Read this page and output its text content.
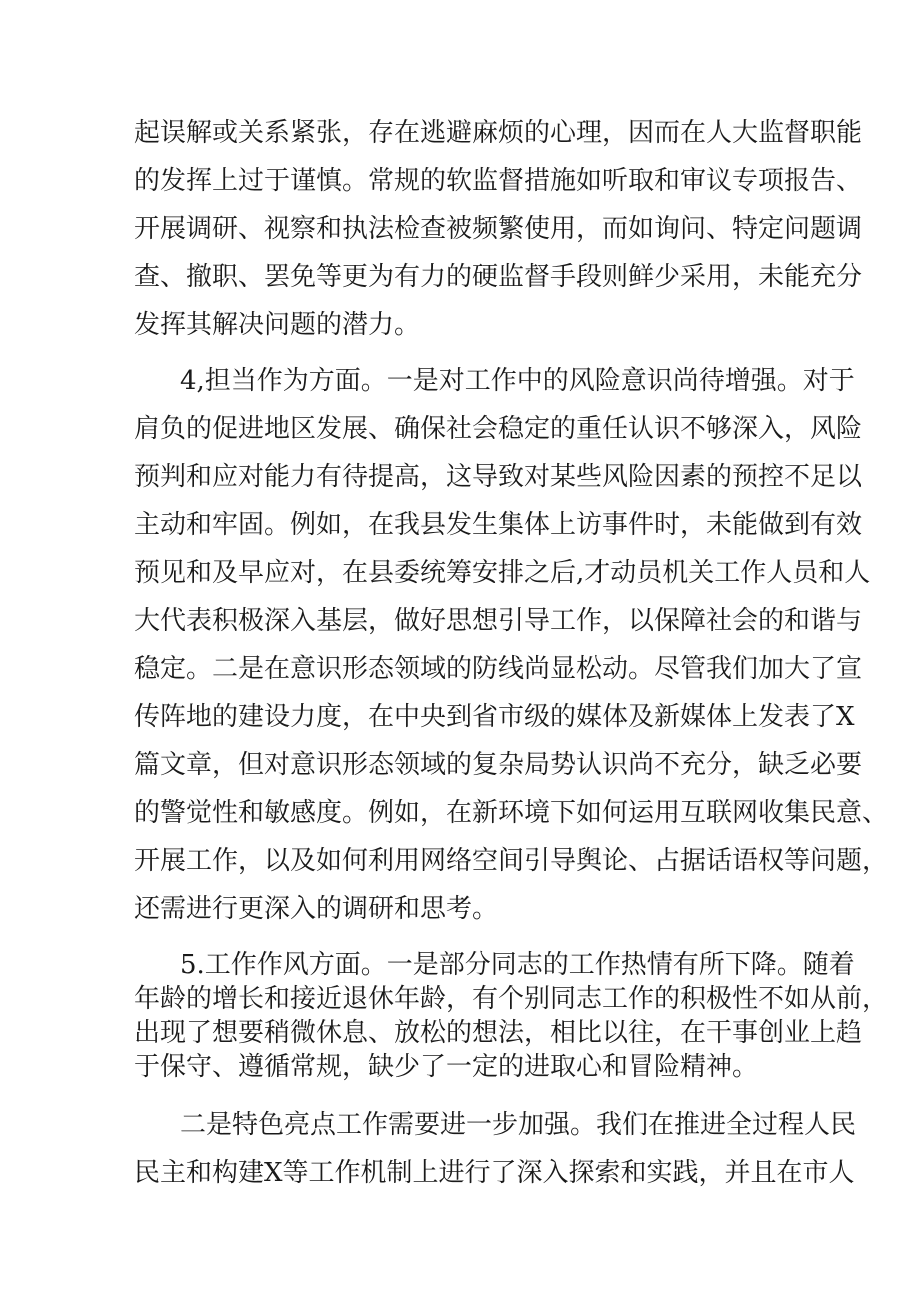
起误解或关系紧张，存在逃避麻烦的心理，因而在人大监督职能
的发挥上过于谨慎。常规的软监督措施如听取和审议专项报告、
开展调研、视察和执法检查被频繁使用，而如询问、特定问题调
查、撤职、罢免等更为有力的硬监督手段则鲜少采用，未能充分
发挥其解决问题的潜力。
4,担当作为方面。一是对工作中的风险意识尚待增强。对于
肩负的促进地区发展、确保社会稳定的重任认识不够深入，风险
预判和应对能力有待提高，这导致对某些风险因素的预控不足以
主动和牢固。例如，在我县发生集体上访事件时，未能做到有效
预见和及早应对，在县委统筹安排之后,才动员机关工作人员和人
大代表积极深入基层，做好思想引导工作，以保障社会的和谐与
稳定。二是在意识形态领域的防线尚显松动。尽管我们加大了宣
传阵地的建设力度，在中央到省市级的媒体及新媒体上发表了X
篇文章，但对意识形态领域的复杂局势认识尚不充分，缺乏必要
的警觉性和敏感度。例如，在新环境下如何运用互联网收集民意、
开展工作，以及如何利用网络空间引导舆论、占据话语权等问题，
还需进行更深入的调研和思考。
5.工作作风方面。一是部分同志的工作热情有所下降。随着
年龄的增长和接近退休年龄，有个别同志工作的积极性不如从前，
出现了想要稍微休息、放松的想法，相比以往，在干事创业上趋
于保守、遵循常规，缺少了一定的进取心和冒险精神。
二是特色亮点工作需要进一步加强。我们在推进全过程人民
民主和构建X等工作机制上进行了深入探索和实践，并且在市人
